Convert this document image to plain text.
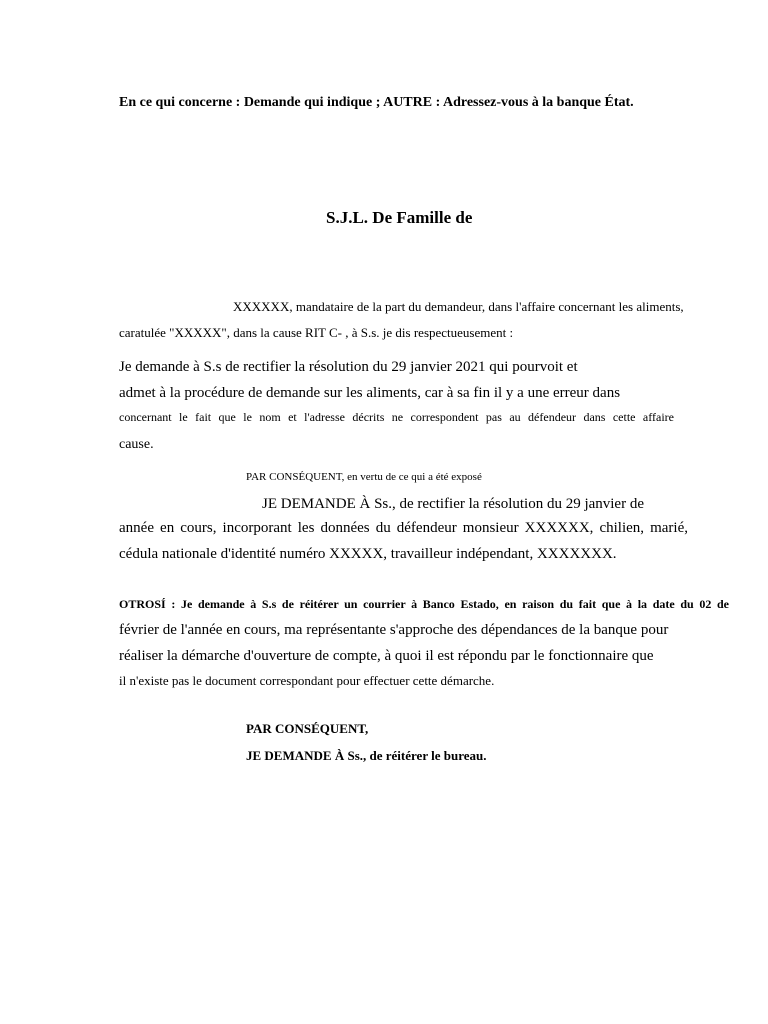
En ce qui concerne : Demande qui indique ; AUTRE : Adressez-vous à la banque État.
S.J.L. De Famille de
XXXXXX, mandataire de la part du demandeur, dans l'affaire concernant les aliments,
caratulée "XXXXX", dans la cause RIT C- , à S.s. je dis respectueusement :
Je demande à S.s de rectifier la résolution du 29 janvier 2021 qui pourvoit et
admet à la procédure de demande sur les aliments, car à sa fin il y a une erreur dans
concernant le fait que le nom et l'adresse décrits ne correspondent pas au défendeur dans cette affaire
cause.
PAR CONSÉQUENT, en vertu de ce qui a été exposé
JE DEMANDE À Ss., de rectifier la résolution du 29 janvier de
année en cours, incorporant les données du défendeur monsieur XXXXXX, chilien, marié,
cédula nationale d'identité numéro XXXXX, travailleur indépendant, XXXXXXX.
OTROSÍ : Je demande à S.s de réitérer un courrier à Banco Estado, en raison du fait que à la date du 02 de
février de l'année en cours, ma représentante s'approche des dépendances de la banque pour
réaliser la démarche d'ouverture de compte, à quoi il est répondu par le fonctionnaire que
il n'existe pas le document correspondant pour effectuer cette démarche.
PAR CONSÉQUENT,
JE DEMANDE À Ss., de réitérer le bureau.
